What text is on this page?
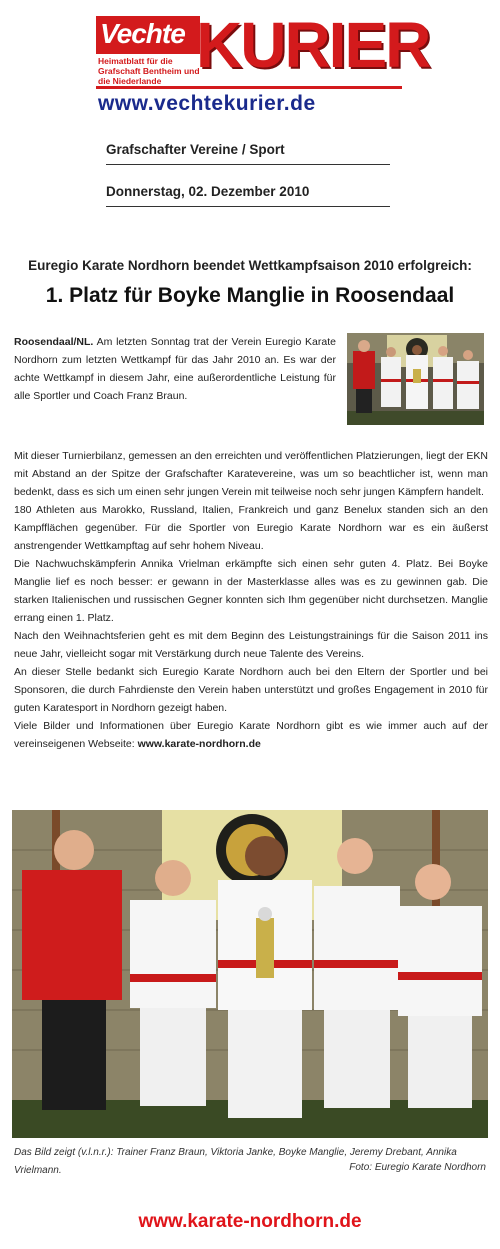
Vechte KURIER
Heimatblatt für die Grafschaft Bentheim und die Niederlande
www.vechtekurier.de
Grafschafter Vereine / Sport
Donnerstag, 02. Dezember 2010
Euregio Karate Nordhorn beendet Wettkampfsaison 2010 erfolgreich:
1. Platz für Boyke Manglie in Roosendaal
Roosendaal/NL. Am letzten Sonntag trat der Verein Euregio Karate Nordhorn zum letzten Wettkampf für das Jahr 2010 an. Es war der achte Wettkampf in diesem Jahr, eine außerordentliche Leistung für alle Sportler und Coach Franz Braun.

Mit dieser Turnierbilanz, gemessen an den erreichten und veröffentlichen Platzierungen, liegt der EKN mit Abstand an der Spitze der Grafschafter Karatevereine, was um so beachtlicher ist, wenn man bedenkt, dass es sich um einen sehr jungen Verein mit teilweise noch sehr jungen Kämpfern handelt.

180 Athleten aus Marokko, Russland, Italien, Frankreich und ganz Benelux standen sich an den Kampfflächen gegenüber. Für die Sportler von Euregio Karate Nordhorn war es ein äußerst anstrengender Wettkampftag auf sehr hohem Niveau.

Die Nachwuchskämpferin Annika Vrielman erkämpfte sich einen sehr guten 4. Platz. Bei Boyke Manglie lief es noch besser: er gewann in der Masterklasse alles was es zu gewinnen gab. Die starken Italienischen und russischen Gegner konnten sich Ihm gegenüber nicht durchsetzen. Manglie errang einen 1. Platz.

Nach den Weihnachtsferien geht es mit dem Beginn des Leistungstrainings für die Saison 2011 ins neue Jahr, vielleicht sogar mit Verstärkung durch neue Talente des Vereins.

An dieser Stelle bedankt sich Euregio Karate Nordhorn auch bei den Eltern der Sportler und bei Sponsoren, die durch Fahrdienste den Verein haben unterstützt und großes Engagement in 2010 für guten Karatesport in Nordhorn gezeigt haben.

Viele Bilder und Informationen über Euregio Karate Nordhorn gibt es wie immer auch auf der vereinseigenen Webseite: www.karate-nordhorn.de

Das Bild zeigt (v.l.n.r.): Trainer Franz Braun, Viktoria Janke, Boyke Manglie, Jeremy Drebant, Annika Vrielmann.	Foto: Euregio Karate Nordhorn
www.karate-nordhorn.de
